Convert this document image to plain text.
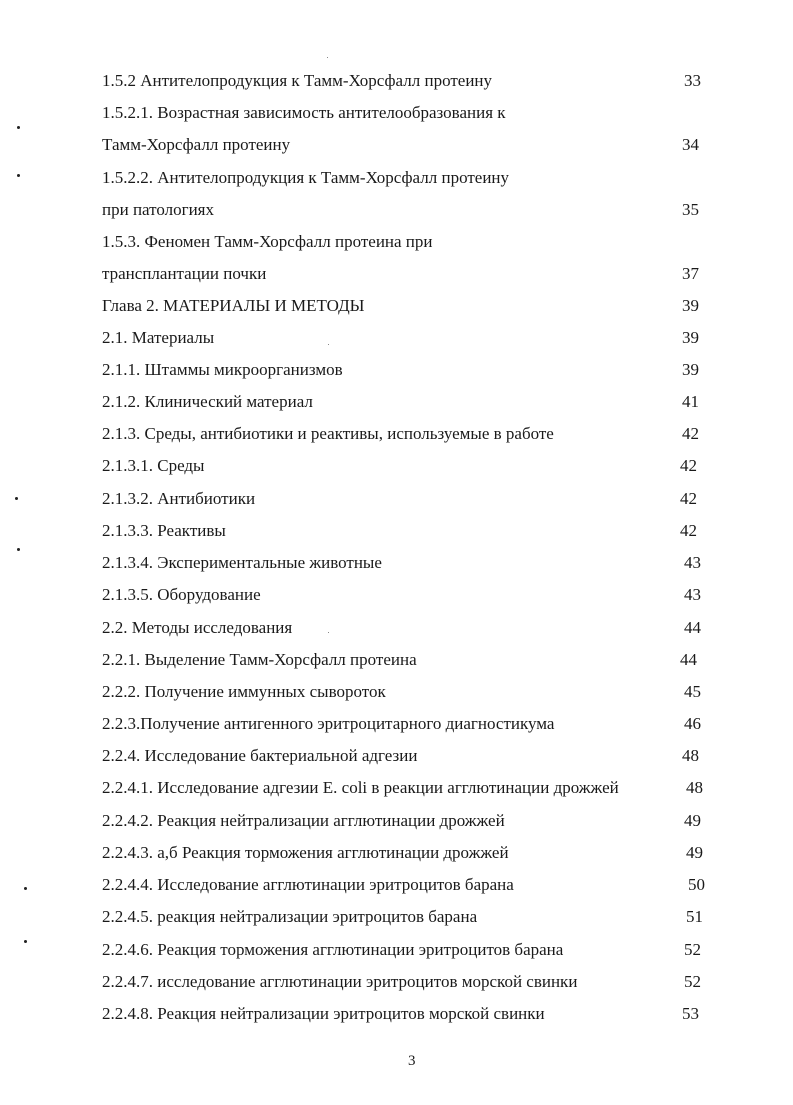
1.5.2 Антителопродукция к Тамм-Хорсфалл протеину	33
1.5.2.1. Возрастная зависимость антителообразования к
Тамм-Хорсфалл протеину	34
1.5.2.2. Антителопродукция к Тамм-Хорсфалл протеину
при патологиях	35
1.5.3. Феномен Тамм-Хорсфалл протеина при
трансплантации почки	37
Глава 2. МАТЕРИАЛЫ И МЕТОДЫ	39
2.1. Материалы	39
2.1.1. Штаммы микроорганизмов	39
2.1.2. Клинический материал	41
2.1.3. Среды, антибиотики и реактивы, используемые в работе	42
2.1.3.1. Среды	42
2.1.3.2. Антибиотики	42
2.1.3.3. Реактивы	42
2.1.3.4. Экспериментальные животные	43
2.1.3.5. Оборудование	43
2.2. Методы исследования	44
2.2.1. Выделение Тамм-Хорсфалл протеина	44
2.2.2. Получение иммунных сывороток	45
2.2.3.Получение антигенного эритроцитарного диагностикума	46
2.2.4. Исследование бактериальной адгезии	48
2.2.4.1. Исследование адгезии E. coli в реакции агглютинации дрожжей	48
2.2.4.2. Реакция нейтрализации агглютинации дрожжей	49
2.2.4.3. а,б Реакция торможения агглютинации дрожжей	49
2.2.4.4. Исследование агглютинации эритроцитов барана	50
2.2.4.5. реакция нейтрализации эритроцитов барана	51
2.2.4.6. Реакция торможения агглютинации эритроцитов барана	52
2.2.4.7. исследование агглютинации эритроцитов морской свинки	52
2.2.4.8. Реакция нейтрализации эритроцитов морской свинки	53
3
